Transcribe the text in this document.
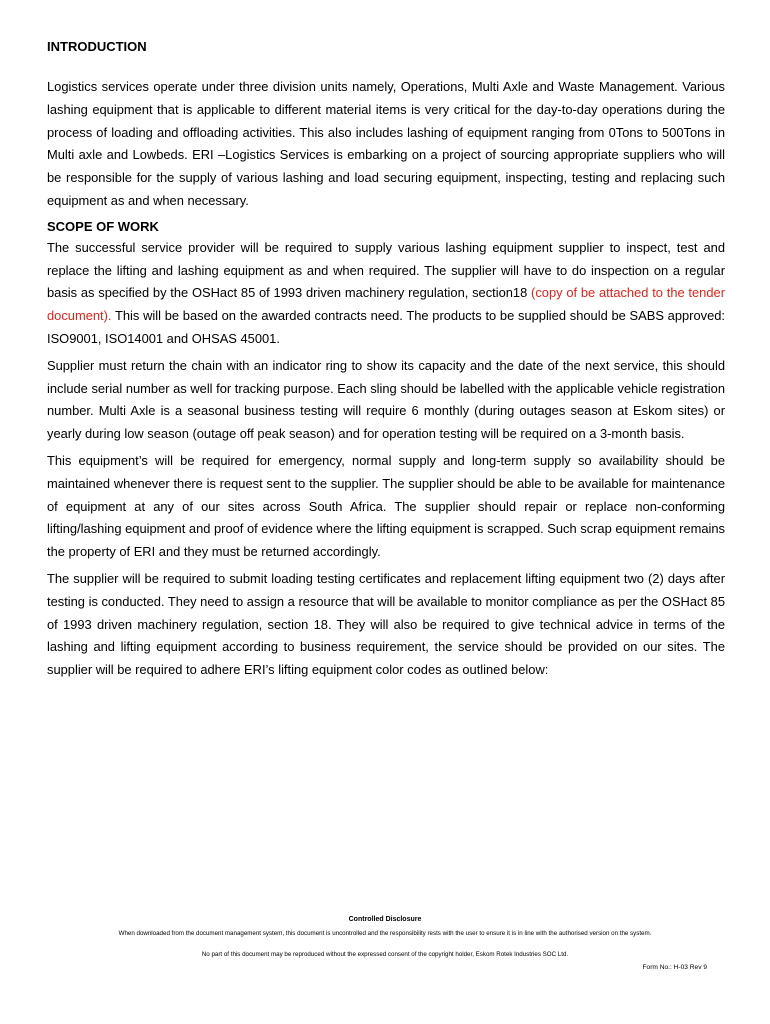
INTRODUCTION

Logistics services operate under three division units namely, Operations, Multi Axle and Waste Management. Various lashing equipment that is applicable to different material items is very critical for the day-to-day operations during the process of loading and offloading activities. This also includes lashing of equipment ranging from 0Tons to 500Tons in Multi axle and Lowbeds. ERI –Logistics Services is embarking on a project of sourcing appropriate suppliers who will be responsible for the supply of various lashing and load securing equipment, inspecting, testing and replacing such equipment as and when necessary.

SCOPE OF WORK

The successful service provider will be required to supply various lashing equipment supplier to inspect, test and replace the lifting and lashing equipment as and when required. The supplier will have to do inspection on a regular basis as specified by the OSHact 85 of 1993 driven machinery regulation, section18 (copy of be attached to the tender document). This will be based on the awarded contracts need. The products to be supplied should be SABS approved: ISO9001, ISO14001 and OHSAS 45001.

Supplier must return the chain with an indicator ring to show its capacity and the date of the next service, this should include serial number as well for tracking purpose. Each sling should be labelled with the applicable vehicle registration number. Multi Axle is a seasonal business testing will require 6 monthly (during outages season at Eskom sites) or yearly during low season (outage off peak season) and for operation testing will be required on a 3-month basis.

This equipment’s will be required for emergency, normal supply and long-term supply so availability should be maintained whenever there is request sent to the supplier. The supplier should be able to be available for maintenance of equipment at any of our sites across South Africa. The supplier should repair or replace non-conforming lifting/lashing equipment and proof of evidence where the lifting equipment is scrapped. Such scrap equipment remains the property of ERI and they must be returned accordingly.

The supplier will be required to submit loading testing certificates and replacement lifting equipment two (2) days after testing is conducted. They need to assign a resource that will be available to monitor compliance as per the OSHact 85 of 1993 driven machinery regulation, section 18. They will also be required to give technical advice in terms of the lashing and lifting equipment according to business requirement, the service should be provided on our sites. The supplier will be required to adhere ERI’s lifting equipment color codes as outlined below:

Controlled Disclosure
When downloaded from the document management system, this document is uncontrolled and the responsibility rests with the user to ensure it is in line with the authorised version on the system.
No part of this document may be reproduced without the expressed consent of the copyright holder, Eskom Rotek Industries SOC Ltd.
Form No.: H-03 Rev 9
